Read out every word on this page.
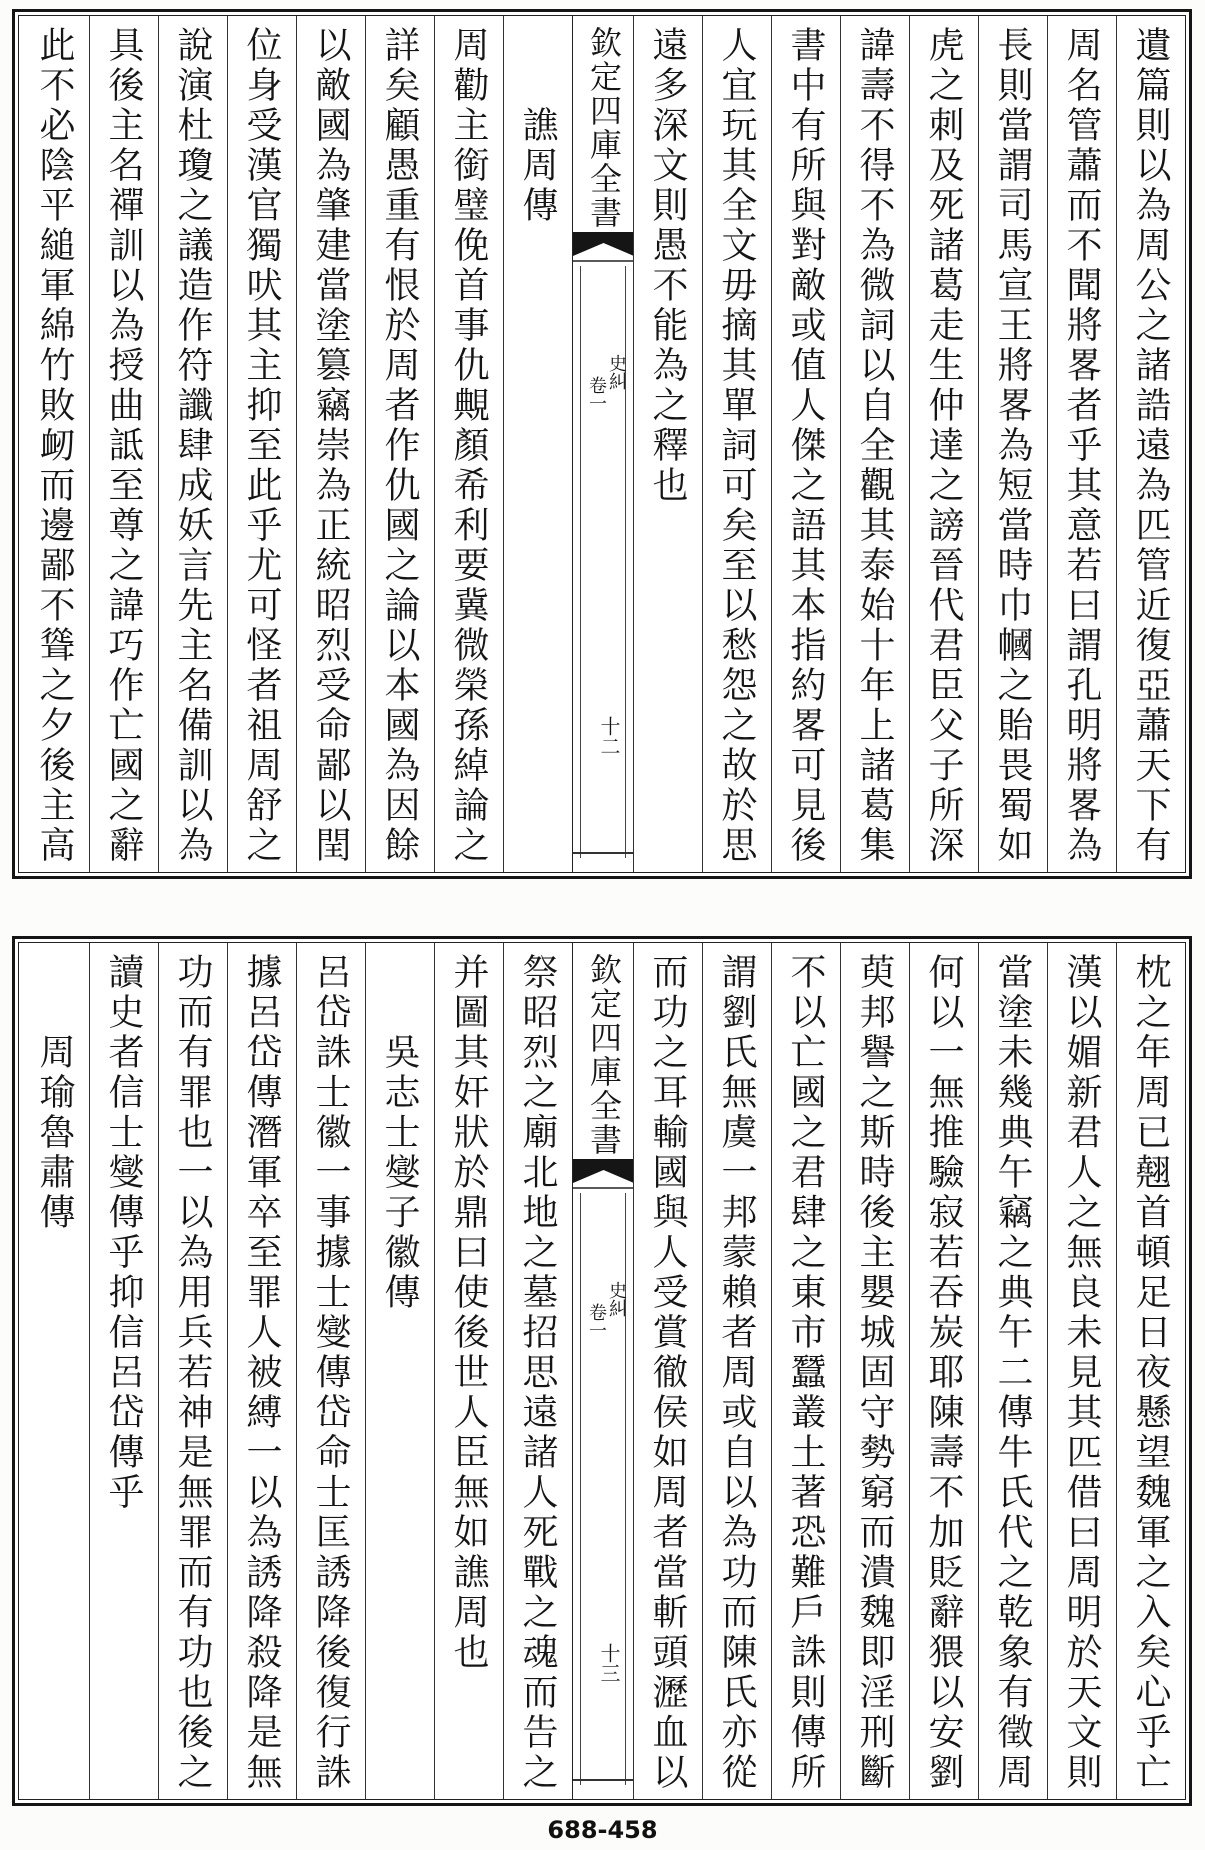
遺篇則以為周公之諸誥遠為匹管近復亞蕭天下有
周名管蕭而不聞將畧者乎其意若曰謂孔明將畧為
長則當謂司馬宣王將畧為短當時巾幗之貽畏蜀如
虎之刺及死諸葛走生仲達之謗晉代君臣父子所深
諱壽不得不為微詞以自全觀其泰始十年上諸葛集
書中有所與對敵或值人傑之語其本指約畧可見後
人宜玩其全文毋摘其單詞可矣至以愁怨之故於思
遠多深文則愚不能為之釋也
欽定四庫全書
史糾
卷一
十二
譙周傳
周勸主銜璧俛首事仇覥顏希利要冀微榮孫綽論之
詳矣顧愚重有恨於周者作仇國之論以本國為因餘
以敵國為肇建當塗篡竊崇為正統昭烈受命鄙以閏
位身受漢官獨吠其主抑至此乎尤可怪者祖周舒之
說演杜瓊之議造作符讖肆成妖言先主名備訓以為
具後主名禪訓以為授曲詆至尊之諱巧作亡國之辭
此不必陰平縋軍綿竹敗衂而邊鄙不聳之夕後主高
枕之年周已翹首頓足日夜懸望魏軍之入矣心乎亡
漢以媚新君人之無良未見其匹借曰周明於天文則
當塗未幾典午竊之典午二傳牛氏代之乾象有徵周
何以一無推驗寂若吞炭耶陳壽不加貶辭猥以安劉
萸邦譽之斯時後主嬰城固守勢窮而潰魏即淫刑斷
不以亡國之君肆之東市蠶叢土著恐難戶誅則傳所
謂劉氏無虞一邦蒙賴者周或自以為功而陳氏亦從
而功之耳輸國與人受賞徹侯如周者當斬頭瀝血以
欽定四庫全書
史糾
卷一
十三
祭昭烈之廟北地之墓招思遠諸人死戰之魂而告之
并圖其奸狀於鼎曰使後世人臣無如譙周也
吳志士燮子徽傳
呂岱誅士徽一事據士燮傳岱命士匡誘降後復行誅
據呂岱傳潛軍卒至罪人被縛一以為誘降殺降是無
功而有罪也一以為用兵若神是無罪而有功也後之
讀史者信士燮傳乎抑信呂岱傳乎
周瑜魯肅傳
688-458
